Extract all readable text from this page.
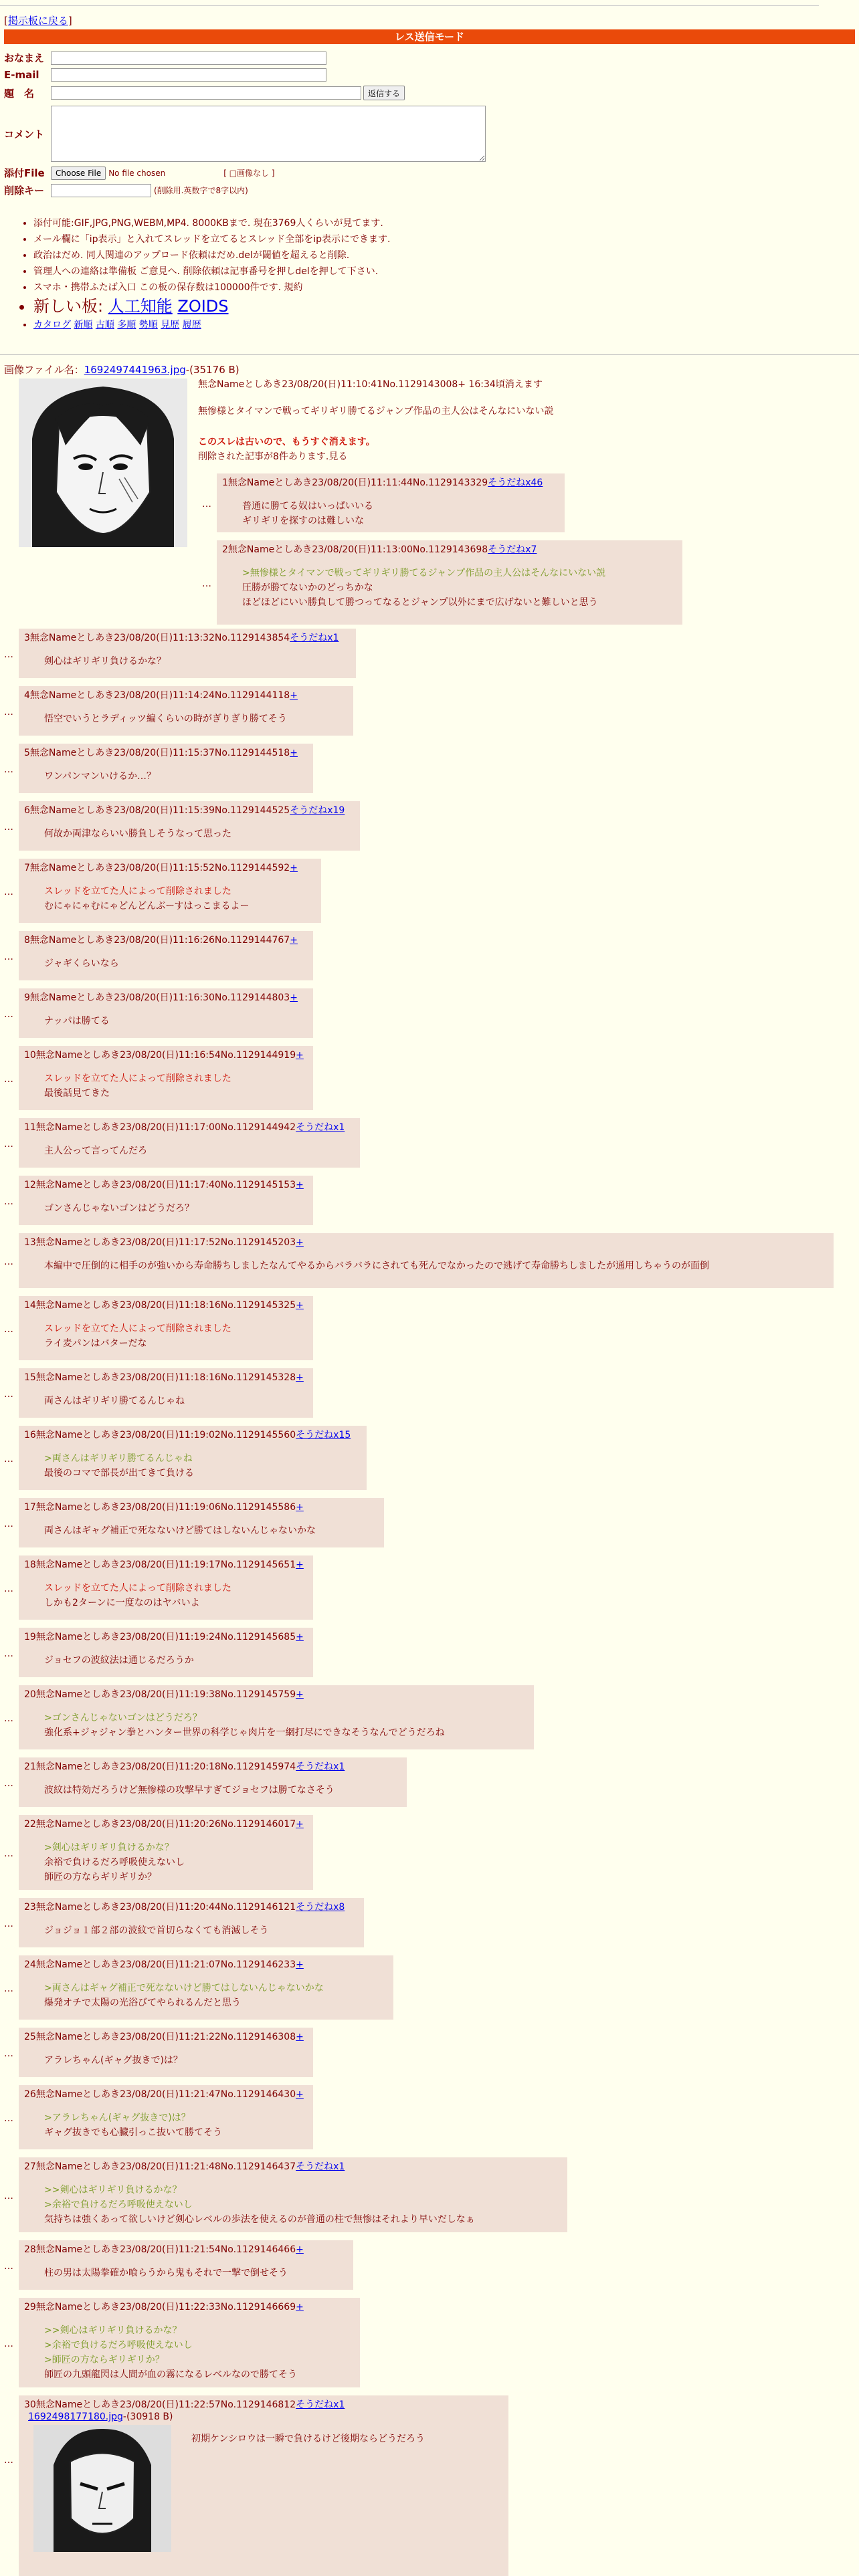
[掲示板に戻る]
レス送信モード
おなまえ
E-mail
題　名	返信する
コメント
添付File	Choose File No file chosen	[ □画像なし ]
削除キー	(削除用.英数字で8字以内)
• 添付可能:GIF,JPG,PNG,WEBM,MP4. 8000KBまで. 現在3769人くらいが見てます.
• メール欄に「ip表示」と入れてスレッドを立てるとスレッド全部をip表示にできます.
• 政治はだめ. 同人関連のアップロード依頼はだめ.delが閾値を超えると削除.
• 管理人への連絡は準備板 ご意見へ. 削除依頼は記事番号を押しdelを押して下さい.
• スマホ・携帯ふたば入口 この板の保存数は100000件です. 規約
• 新しい板: 人工知能 ZOIDS
• カタログ 新順 古順 多順 勢順 見歴 履歴
画像ファイル名：1692497441963.jpg-(35176 B)
無念Nameとしあき23/08/20(日)11:10:41No.1129143008+ 16:34頃消えます
無惨様とタイマンで戦ってギリギリ勝てるジャンプ作品の主人公はそんなにいない説
このスレは古いので、もうすぐ消えます。
削除された記事が8件あります.見る
1無念Nameとしあき23/08/20(日)11:11:44No.1129143329そうだねx46
普通に勝てる奴はいっぱいいる
ギリギリを探すのは難しいな
…
2無念Nameとしあき23/08/20(日)11:13:00No.1129143698そうだねx7
>無惨様とタイマンで戦ってギリギリ勝てるジャンプ作品の主人公はそんなにいない説
圧勝が勝てないかのどっちかな
ほどほどにいい勝負して勝つってなるとジャンプ以外にまで広げないと難しいと思う
…
3無念Nameとしあき23/08/20(日)11:13:32No.1129143854そうだねx1
剣心はギリギリ負けるかな？
…
4無念Nameとしあき23/08/20(日)11:14:24No.1129144118+
悟空でいうとラディッツ編くらいの時がぎりぎり勝てそう
…
5無念Nameとしあき23/08/20(日)11:15:37No.1129144518+
ワンパンマンいけるか…？
…
6無念Nameとしあき23/08/20(日)11:15:39No.1129144525そうだねx19
何故か両津ならいい勝負しそうなって思った
…
7無念Nameとしあき23/08/20(日)11:15:52No.1129144592+
スレッドを立てた人によって削除されました
むにゃにゃむにゃどんどんぶーすはっこまるよー
…
8無念Nameとしあき23/08/20(日)11:16:26No.1129144767+
ジャギくらいなら
…
9無念Nameとしあき23/08/20(日)11:16:30No.1129144803+
ナッパは勝てる
…
10無念Nameとしあき23/08/20(日)11:16:54No.1129144919+
スレッドを立てた人によって削除されました
最後話見てきた
…
11無念Nameとしあき23/08/20(日)11:17:00No.1129144942そうだねx1
主人公って言ってんだろ
…
12無念Nameとしあき23/08/20(日)11:17:40No.1129145153+
ゴンさんじゃないゴンはどうだろ？
…
13無念Nameとしあき23/08/20(日)11:17:52No.1129145203+
本編中で圧倒的に相手のが強いから寿命勝ちしましたなんてやるからバラバラにされても死んでなかったので逃げて寿命勝ちしましたが通用しちゃうのが面倒
…
14無念Nameとしあき23/08/20(日)11:18:16No.1129145325+
スレッドを立てた人によって削除されました
ライ麦パンはバターだな
…
15無念Nameとしあき23/08/20(日)11:18:16No.1129145328+
両さんはギリギリ勝てるんじゃね
…
16無念Nameとしあき23/08/20(日)11:19:02No.1129145560そうだねx15
>両さんはギリギリ勝てるんじゃね
最後のコマで部長が出てきて負ける
…
17無念Nameとしあき23/08/20(日)11:19:06No.1129145586+
両さんはギャグ補正で死なないけど勝てはしないんじゃないかな
…
18無念Nameとしあき23/08/20(日)11:19:17No.1129145651+
スレッドを立てた人によって削除されました
しかも2ターンに一度なのはヤバいよ
…
19無念Nameとしあき23/08/20(日)11:19:24No.1129145685+
ジョセフの波紋法は通じるだろうか
…
20無念Nameとしあき23/08/20(日)11:19:38No.1129145759+
>ゴンさんじゃないゴンはどうだろ？
強化系+ジャジャン拳とハンター世界の科学じゃ肉片を一網打尽にできなそうなんでどうだろね
…
21無念Nameとしあき23/08/20(日)11:20:18No.1129145974そうだねx1
波紋は特効だろうけど無惨様の攻撃早すぎてジョセフは勝てなさそう
…
22無念Nameとしあき23/08/20(日)11:20:26No.1129146017+
>剣心はギリギリ負けるかな？
余裕で負けるだろ呼吸使えないし
師匠の方ならギリギリか？
…
23無念Nameとしあき23/08/20(日)11:20:44No.1129146121そうだねx8
ジョジョ１部２部の波紋で首切らなくても消滅しそう
…
24無念Nameとしあき23/08/20(日)11:21:07No.1129146233+
>両さんはギャグ補正で死なないけど勝てはしないんじゃないかな
爆発オチで太陽の光浴びてやられるんだと思う
…
25無念Nameとしあき23/08/20(日)11:21:22No.1129146308+
アラレちゃん(ギャグ抜きで)は？
…
26無念Nameとしあき23/08/20(日)11:21:47No.1129146430+
>アラレちゃん(ギャグ抜きで)は？
ギャグ抜きでも心臓引っこ抜いて勝てそう
…
27無念Nameとしあき23/08/20(日)11:21:48No.1129146437そうだねx1
>>剣心はギリギリ負けるかな？
>余裕で負けるだろ呼吸使えないし
気持ちは強くあって欲しいけど剣心レベルの歩法を使えるのが普通の柱で無惨はそれより早いだしなぁ
…
28無念Nameとしあき23/08/20(日)11:21:54No.1129146466+
柱の男は太陽拳確か喰らうから鬼もそれで一撃で倒せそう
…
29無念Nameとしあき23/08/20(日)11:22:33No.1129146669+
>>剣心はギリギリ負けるかな？
>余裕で負けるだろ呼吸使えないし
>師匠の方ならギリギリか？
師匠の九頭龍閃は人間が血の霧になるレベルなので勝てそう
…
30無念Nameとしあき23/08/20(日)11:22:57No.1129146812そうだねx1
1692498177180.jpg-(30918 B)
初期ケンシロウは一瞬で負けるけど後期ならどうだろう
…
